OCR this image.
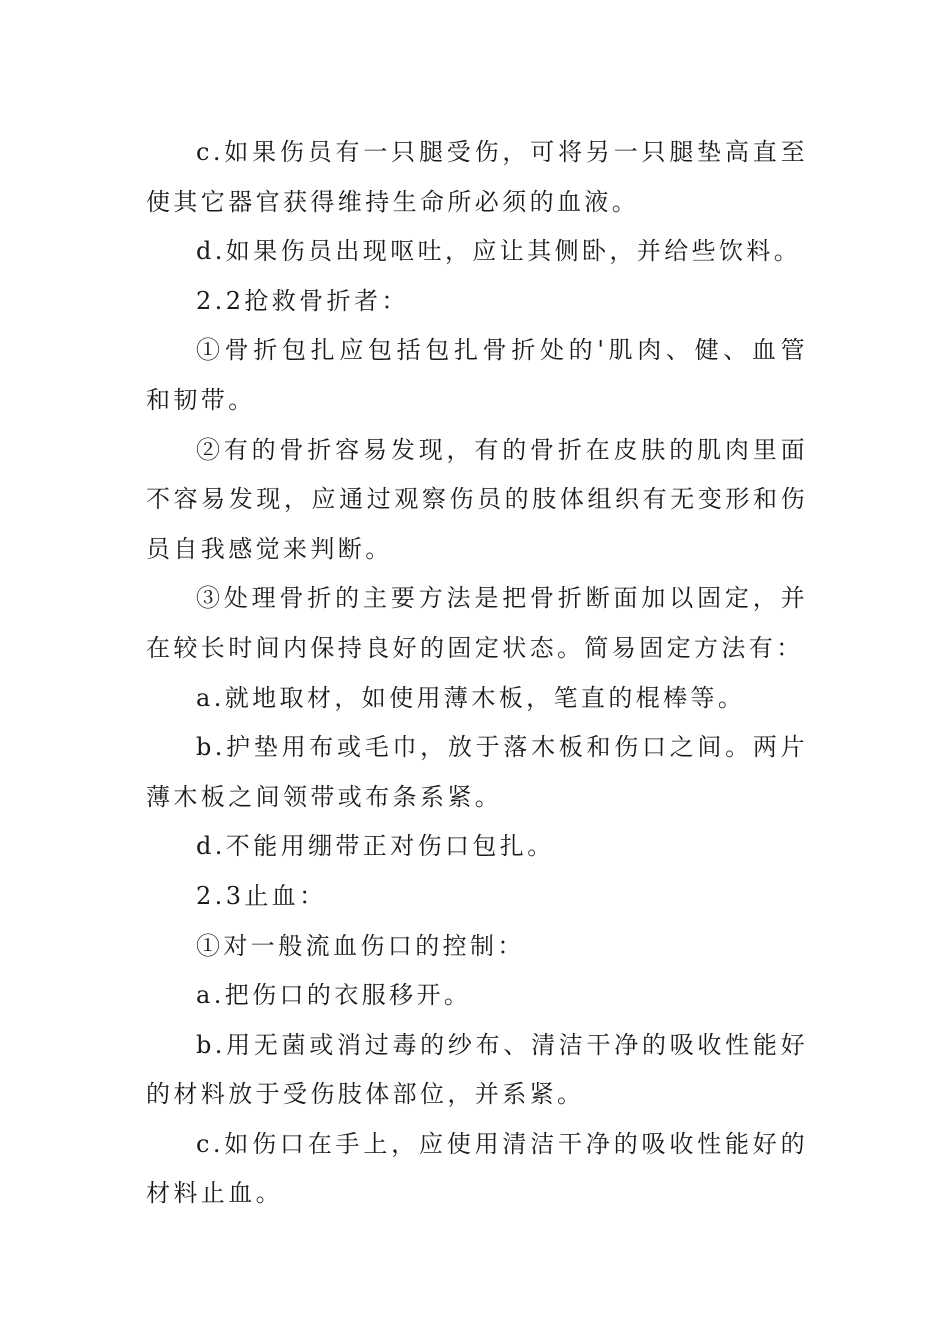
c.如果伤员有一只腿受伤，可将另一只腿垫高直至使其它器官获得维持生命所必须的血液。

d.如果伤员出现呕吐，应让其侧卧，并给些饮料。

2.2抢救骨折者：

①骨折包扎应包括包扎骨折处的'肌肉、健、血管和韧带。

②有的骨折容易发现，有的骨折在皮肤的肌肉里面不容易发现，应通过观察伤员的肢体组织有无变形和伤员自我感觉来判断。

③处理骨折的主要方法是把骨折断面加以固定，并在较长时间内保持良好的固定状态。简易固定方法有：

a.就地取材，如使用薄木板，笔直的棍棒等。

b.护垫用布或毛巾，放于落木板和伤口之间。两片薄木板之间领带或布条系紧。

d.不能用绷带正对伤口包扎。

2.3止血：

①对一般流血伤口的控制：

a.把伤口的衣服移开。

b.用无菌或消过毒的纱布、清洁干净的吸收性能好的材料放于受伤肢体部位，并系紧。

c.如伤口在手上，应使用清洁干净的吸收性能好的材料止血。
